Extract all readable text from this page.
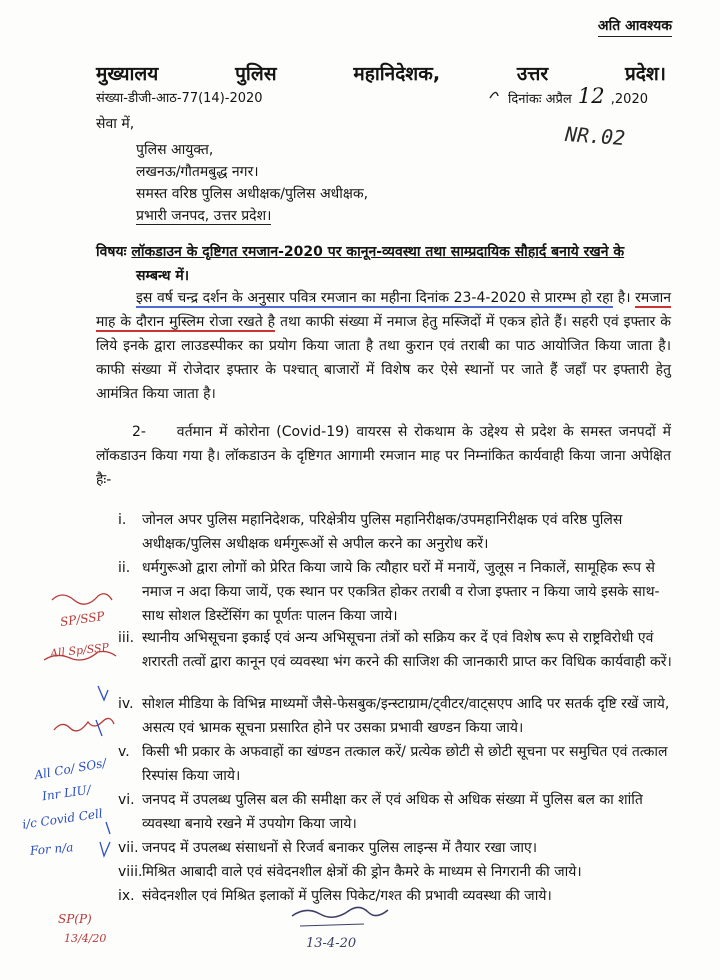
अति आवश्यक
मुख्यालय	पुलिस	महानिदेशक,	उत्तर	प्रदेश।
संख्या-डीजी-आठ-77(14)-2020	दिनांकः अप्रैल 12 ,2020
NR.02
सेवा में,
पुलिस आयुक्त,
लखनऊ/गौतमबुद्ध नगर।
समस्त वरिष्ठ पुलिस अधीक्षक/पुलिस अधीक्षक,
प्रभारी जनपद, उत्तर प्रदेश।
विषयः लॉकडाउन के दृष्टिगत रमजान-2020 पर कानून-व्यवस्था तथा साम्प्रदायिक सौहार्द बनाये रखने के
सम्बन्ध में।
इस वर्ष चन्द्र दर्शन के अनुसार पवित्र रमजान का महीना दिनांक 23-4-2020 से प्रारम्भ हो रहा है। रमजान माह के दौरान मुस्लिम रोजा रखते है तथा काफी संख्या में नमाज हेतु मस्जिदों में एकत्र होते हैं। सहरी एवं इफ्तार के लिये इनके द्वारा लाउडस्पीकर का प्रयोग किया जाता है तथा कुरान एवं तराबी का पाठ आयोजित किया जाता है। काफी संख्या में रोजेदार इफ्तार के पश्चात् बाजारों में विशेष कर ऐसे स्थानों पर जाते हैं जहाँ पर इफ्तारी हेतु आमंत्रित किया जाता है।
2- वर्तमान में कोरोना (Covid-19) वायरस से रोकथाम के उद्देश्य से प्रदेश के समस्त जनपदों में लॉकडाउन किया गया है। लॉकडाउन के दृष्टिगत आगामी रमजान माह पर निम्नांकित कार्यवाही किया जाना अपेक्षित हैः-
i.	जोनल अपर पुलिस महानिदेशक, परिक्षेत्रीय पुलिस महानिरीक्षक/उपमहानिरीक्षक एवं वरिष्ठ पुलिस अधीक्षक/पुलिस अधीक्षक धर्मगुरूओं से अपील करने का अनुरोध करें।
ii. धर्मगुरूओ द्वारा लोगों को प्रेरित किया जाये कि त्यौहार घरों में मनायें, जुलूस न निकालें, सामूहिक रूप से नमाज न अदा किया जायें, एक स्थान पर एकत्रित होकर तराबी व रोजा इफ्तार न किया जाये इसके साथ-साथ सोशल डिस्टेंसिंग का पूर्णतः पालन किया जाये।
iii. स्थानीय अभिसूचना इकाई एवं अन्य अभिसूचना तंत्रों को सक्रिय कर दें एवं विशेष रूप से राष्ट्रविरोधी एवं शरारती तत्वों द्वारा कानून एवं व्यवस्था भंग करने की साजिश की जानकारी प्राप्त कर विधिक कार्यवाही करें।
iv. सोशल मीडिया के विभिन्न माध्यमों जैसे-फेसबुक/इन्स्टाग्राम/ट्वीटर/वाट्सएप आदि पर सतर्क दृष्टि रखें जाये, असत्य एवं भ्रामक सूचना प्रसारित होने पर उसका प्रभावी खण्डन किया जाये।
v. किसी भी प्रकार के अफवाहों का खंण्डन तत्काल करें/ प्रत्येक छोटी से छोटी सूचना पर समुचित एवं तत्काल रिस्पांस किया जाये।
vi. जनपद में उपलब्ध पुलिस बल की समीक्षा कर लें एवं अधिक से अधिक संख्या में पुलिस बल का शांति व्यवस्था बनाये रखने में उपयोग किया जाये।
vii. जनपद में उपलब्ध संसाधनों से रिजर्व बनाकर पुलिस लाइन्स में तैयार रखा जाए।
viii. मिश्रित आबादी वाले एवं संवेदनशील क्षेत्रों की ड्रोन कैमरे के माध्यम से निगरानी की जाये।
ix. संवेदनशील एवं मिश्रित इलाकों में पुलिस पिकेट/गश्त की प्रभावी व्यवस्था की जाये।
SP/SSP
All Sp/SSP
All Co/ SOs/
Inr LIU/
i/c Covid Cell
For n/a
SP(P)
13/4/20	13-4-20
